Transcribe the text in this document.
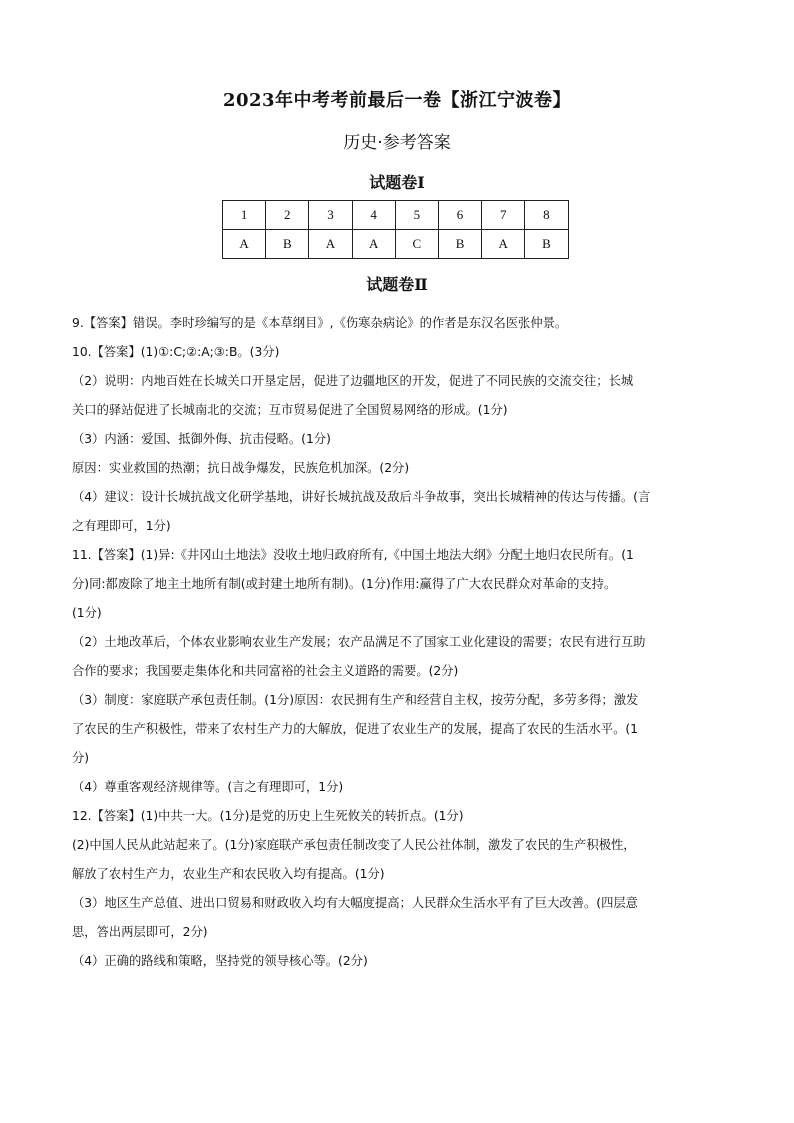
2023年中考考前最后一卷【浙江宁波卷】
历史·参考答案
试题卷Ⅰ
1	2	3	4	5	6	7	8
A	B	A	A	C	B	A	B
试题卷Ⅱ
9.【答案】错误。李时珍编写的是《本草纲目》,《伤寒杂病论》的作者是东汉名医张仲景。
10.【答案】(1)①:C;②:A;③:B。(3分)
（2）说明：内地百姓在长城关口开垦定居，促进了边疆地区的开发，促进了不同民族的交流交往；长城
关口的驿站促进了长城南北的交流；互市贸易促进了全国贸易网络的形成。(1分)
（3）内涵：爱国、抵御外侮、抗击侵略。(1分)
原因：实业救国的热潮；抗日战争爆发，民族危机加深。(2分)
（4）建议：设计长城抗战文化研学基地，讲好长城抗战及敌后斗争故事，突出长城精神的传达与传播。(言
之有理即可，1分)
11.【答案】(1)异:《井冈山土地法》没收土地归政府所有,《中国土地法大纲》分配土地归农民所有。(1
分)同:都废除了地主土地所有制(或封建土地所有制)。(1分)作用:赢得了广大农民群众对革命的支持。
(1分)
（2）土地改革后，个体农业影响农业生产发展；农产品满足不了国家工业化建设的需要；农民有进行互助
合作的要求；我国要走集体化和共同富裕的社会主义道路的需要。(2分)
（3）制度：家庭联产承包责任制。(1分)原因：农民拥有生产和经营自主权，按劳分配，多劳多得；激发
了农民的生产积极性，带来了农村生产力的大解放，促进了农业生产的发展，提高了农民的生活水平。(1
分)
（4）尊重客观经济规律等。(言之有理即可，1分)
12.【答案】(1)中共一大。(1分)是党的历史上生死攸关的转折点。(1分)
(2)中国人民从此站起来了。(1分)家庭联产承包责任制改变了人民公社体制，激发了农民的生产积极性，
解放了农村生产力，农业生产和农民收入均有提高。(1分)
（3）地区生产总值、进出口贸易和财政收入均有大幅度提高；人民群众生活水平有了巨大改善。(四层意
思，答出两层即可，2分)
（4）正确的路线和策略，坚持党的领导核心等。(2分)
